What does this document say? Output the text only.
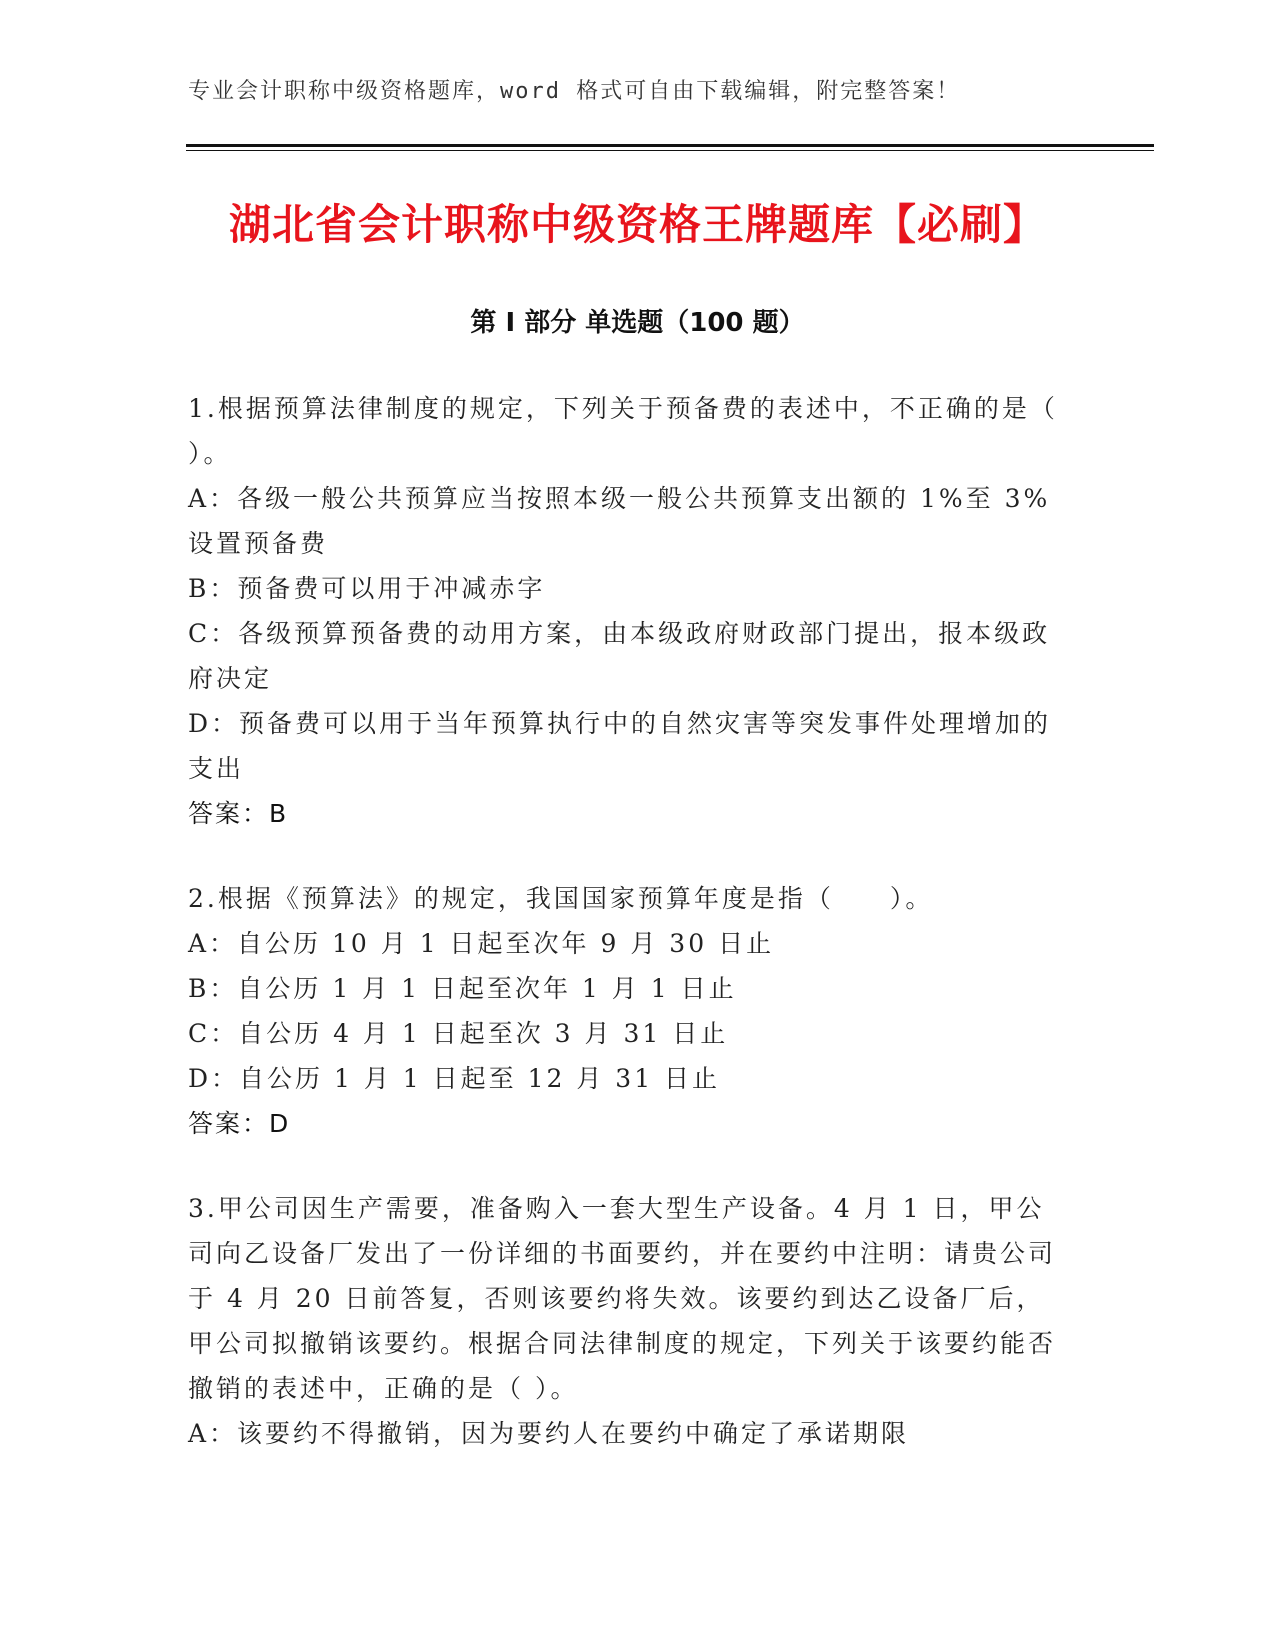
专业会计职称中级资格题库，word 格式可自由下载编辑，附完整答案！
湖北省会计职称中级资格王牌题库【必刷】
第 I 部分 单选题（100 题）
1.根据预算法律制度的规定，下列关于预备费的表述中，不正确的是（　　）。
A：各级一般公共预算应当按照本级一般公共预算支出额的 1%至 3%设置预备费
B：预备费可以用于冲减赤字
C：各级预算预备费的动用方案，由本级政府财政部门提出，报本级政府决定
D：预备费可以用于当年预算执行中的自然灾害等突发事件处理增加的支出
答案：B
2.根据《预算法》的规定，我国国家预算年度是指（　　）。
A：自公历 10 月 1 日起至次年 9 月 30 日止
B：自公历 1 月 1 日起至次年 1 月 1 日止
C：自公历 4 月 1 日起至次 3 月 31 日止
D：自公历 1 月 1 日起至 12 月 31 日止
答案：D
3.甲公司因生产需要，准备购入一套大型生产设备。4 月 1 日，甲公司向乙设备厂发出了一份详细的书面要约，并在要约中注明：请贵公司于 4 月 20 日前答复，否则该要约将失效。该要约到达乙设备厂后，甲公司拟撤销该要约。根据合同法律制度的规定，下列关于该要约能否撤销的表述中，正确的是（ ）。
A：该要约不得撤销，因为要约人在要约中确定了承诺期限
